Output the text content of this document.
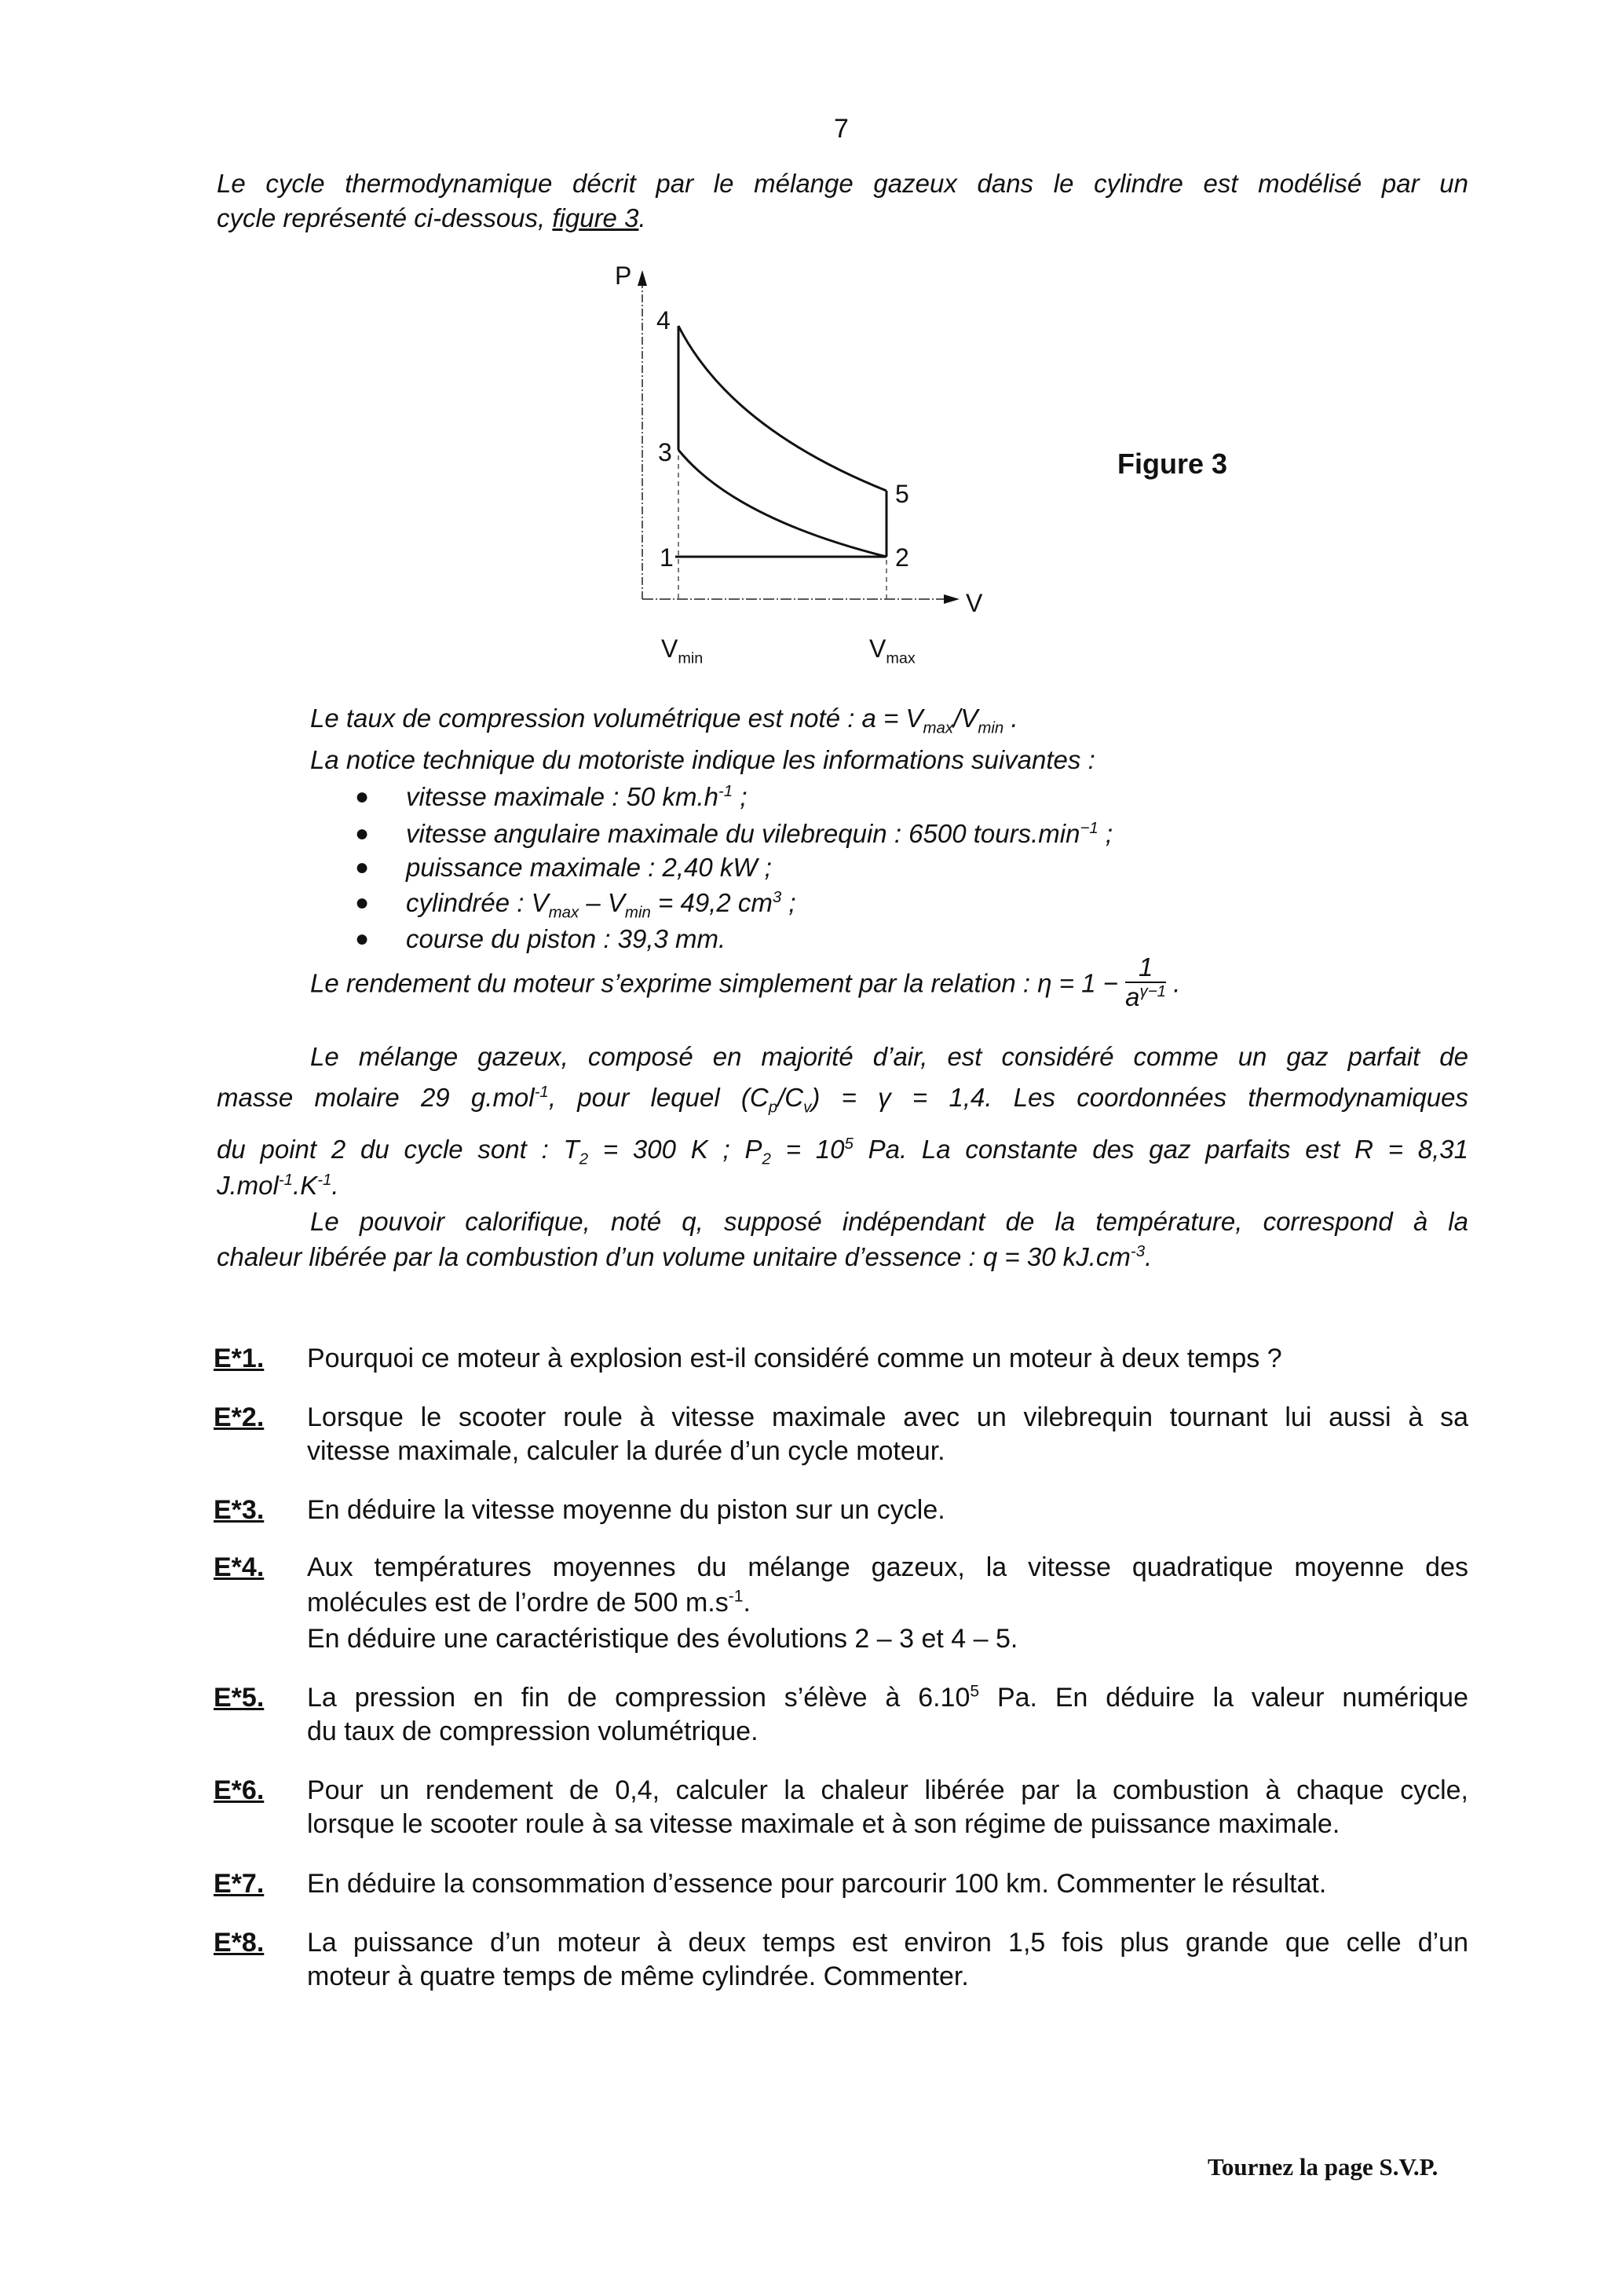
7
Le cycle thermodynamique décrit par le mélange gazeux dans le cylindre est modélisé par un
cycle représenté ci-dessous, figure 3.
P
V
4
3
1
5
2
$V_{min}$	$V_{max}$
Figure 3
Le taux de compression volumétrique est noté : $a = V_{max}/V_{min}$ .
La notice technique du motoriste indique les informations suivantes :
● vitesse maximale : 50 $km.h^{-1}$ ;
● vitesse angulaire maximale du vilebrequin : 6500 $tours.\min^{-1}$ ;
● puissance maximale : 2,40 kW ;
● cylindrée : $V_{max} - V_{min} = 49,2$ $cm^3$ ;
● course du piston : 39,3 mm.
Le rendement du moteur s’exprime simplement par la relation : $\eta = 1 - \frac{1}{a^{\gamma-1}}$ .
Le mélange gazeux, composé en majorité d’air, est considéré comme un gaz parfait de
masse molaire 29 g.mol$^{-1}$, pour lequel $(C_p/C_v) = \gamma = 1,4$. Les coordonnées thermodynamiques
du point 2 du cycle sont : $T_2 = 300$ K ; $P_2 = 10^5$ Pa. La constante des gaz parfaits est R = 8,31
$J.mol^{-1}.K^{-1}$.
Le pouvoir calorifique, noté q, supposé indépendant de la température, correspond à la
chaleur libérée par la combustion d’un volume unitaire d’essence : q = 30 $kJ.cm^{-3}$.
E*1. Pourquoi ce moteur à explosion est-il considéré comme un moteur à deux temps ?
E*2. Lorsque le scooter roule à vitesse maximale avec un vilebrequin tournant lui aussi à sa
vitesse maximale, calculer la durée d’un cycle moteur.
E*3. En déduire la vitesse moyenne du piston sur un cycle.
E*4. Aux températures moyennes du mélange gazeux, la vitesse quadratique moyenne des
molécules est de l’ordre de 500 $m.s^{-1}$.
En déduire une caractéristique des évolutions 2 – 3 et 4 – 5.
E*5. La pression en fin de compression s’élève à 6.10$^5$ Pa. En déduire la valeur numérique
du taux de compression volumétrique.
E*6. Pour un rendement de 0,4, calculer la chaleur libérée par la combustion à chaque cycle,
lorsque le scooter roule à sa vitesse maximale et à son régime de puissance maximale.
E*7. En déduire la consommation d’essence pour parcourir 100 km. Commenter le résultat.
E*8. La puissance d’un moteur à deux temps est environ 1,5 fois plus grande que celle d’un
moteur à quatre temps de même cylindrée. Commenter.
Tournez la page S.V.P.
